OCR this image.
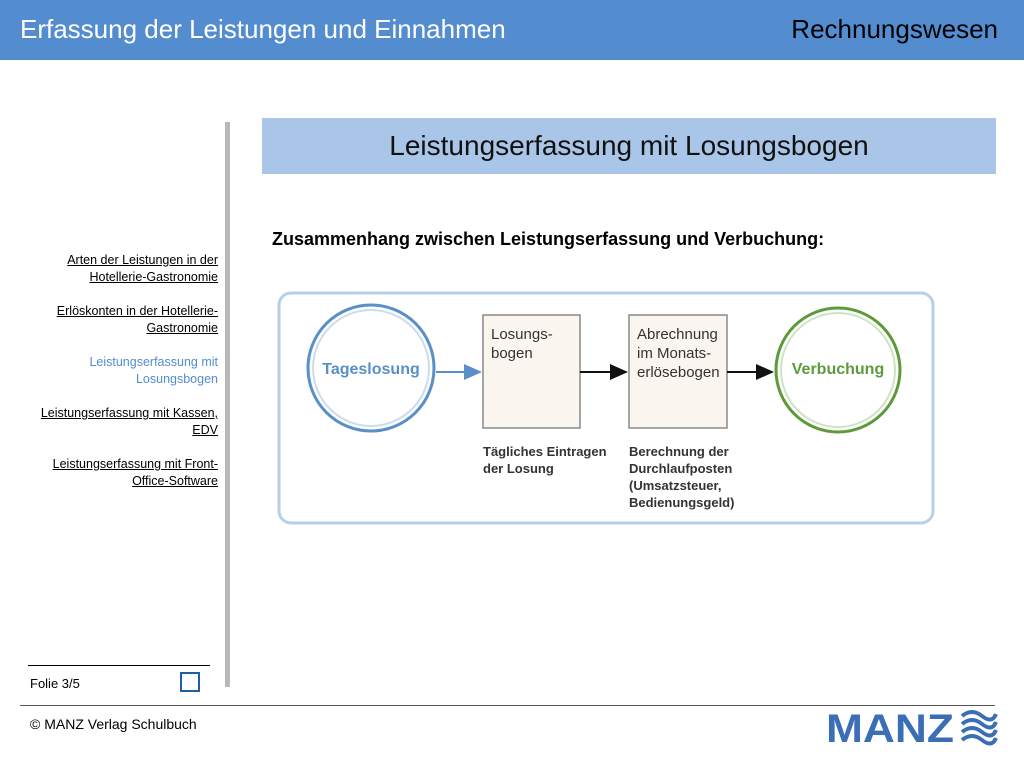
Erfassung der Leistungen und Einnahmen	Rechnungswesen
Arten der Leistungen in der Hotellerie-Gastronomie
Erlöskonten in der Hotellerie-Gastronomie
Leistungserfassung mit Losungsbogen
Leistungserfassung mit Kassen, EDV
Leistungserfassung mit Front-Office-Software
Leistungserfassung mit Losungsbogen
Zusammenhang zwischen Leistungserfassung und Verbuchung:
Tageslosung
Losungs-
bogen
Abrechnung
im Monats-
erlösebogen	Verbuchung
Tägliches Eintragen
der Losung
Berechnung der
Durchlaufposten
(Umsatzsteuer,
Bedienungsgeld)
Folie 3/5
© MANZ Verlag Schulbuch	MANZ
